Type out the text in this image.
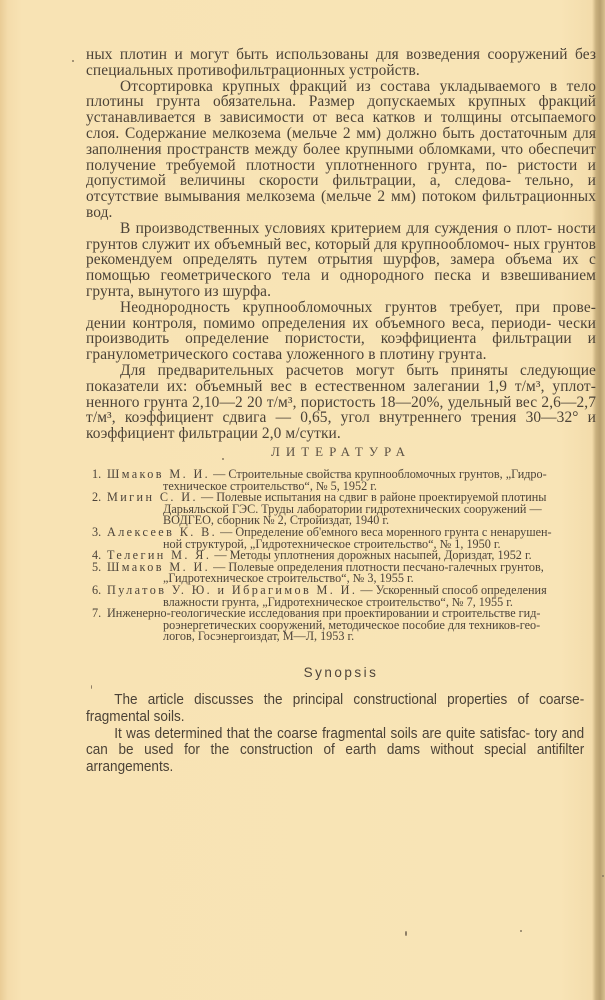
ных плотин и могут быть использованы для возведения сооружений без специальных противофильтрационных устройств.

Отсортировка крупных фракций из состава укладываемого в тело плотины грунта обязательна. Размер допускаемых крупных фракций устанавливается в зависимости от веса катков и толщины отсыпаемого слоя. Содержание мелкозема (мельче 2 мм) должно быть достаточным для заполнения пространств между более крупными обломками, что обеспечит получение требуемой плотности уплотненного грунта, по- ристости и допустимой величины скорости фильтрации, а, следова- тельно, и отсутствие вымывания мелкозема (мельче 2 мм) потоком фильтрационных вод.

В производственных условиях критерием для суждения о плот- ности грунтов служит их объемный вес, который для крупнообломоч- ных грунтов рекомендуем определять путем отрытия шурфов, замера объема их с помощью геометрического тела и однородного песка и взвешиванием грунта, вынутого из шурфа.

Неоднородность крупнообломочных грунтов требует, при прове- дении контроля, помимо определения их объемного веса, периоди- чески производить определение пористости, коэффициента фильтрации и гранулометрического состава уложенного в плотину грунта.

Для предварительных расчетов могут быть приняты следующие показатели их: объемный вес в естественном залегании 1,9 т/м³, уплот- ненного грунта 2,10—2 20 т/м³, пористость 18—20%, удельный вес 2,6—2,7 т/м³, коэффициент сдвига — 0,65, угол внутреннего трения 30—32° и коэффициент фильтрации 2,0 м/сутки.

ЛИТЕРАТУРА
1. Шмаков М. И. — Строительные свойства крупнообломочных грунтов, „Гидро-
техническое строительство“, № 5, 1952 г.
2. Мигин С. И. — Полевые испытания на сдвиг в районе проектируемой плотины
Дарьяльской ГЭС. Труды лаборатории гидротехнических сооружений —
ВОДГЕО, сборник № 2, Стройиздат, 1940 г.
3. Алексеев К. В. — Определение об'емного веса моренного грунта с ненарушен-
ной структурой, „Гидротехническое строительство“, № 1, 1950 г.
4. Телегин М. Я. — Методы уплотнения дорожных насыпей, Дориздат, 1952 г.
5. Шмаков М. И. — Полевые определения плотности песчано-галечных грунтов,
„Гидротехническое строительство“, № 3, 1955 г.
6. Пулатов У. Ю. и Ибрагимов М. И. — Ускоренный способ определения
влажности грунта, „Гидротехническое строительство“, № 7, 1955 г.
7. Инженерно-геологические исследования при проектировании и строительстве гид-
роэнергетических сооружений, методическое пособие для техников-гео-
логов, Госэнергоиздат, М—Л, 1953 г.
Synopsis

The article discusses the principal constructional properties of coarse- fragmental soils.

It was determined that the coarse fragmental soils are quite satisfac- tory and can be used for the construction of earth dams without special antifilter arrangements.
